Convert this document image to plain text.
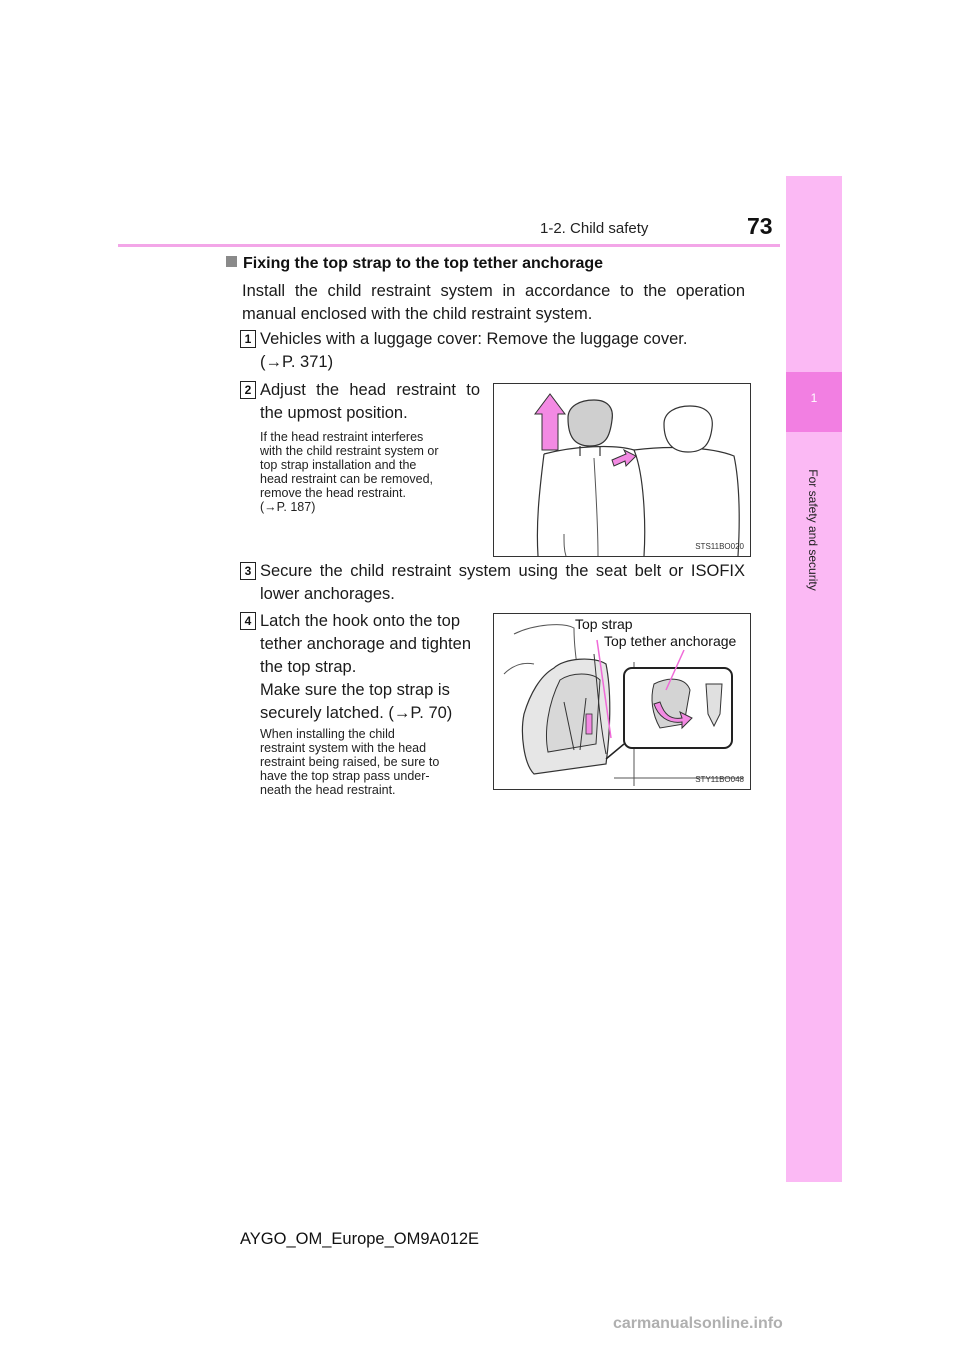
1-2. Child safety	73
1
For safety and security
Fixing the top strap to the top tether anchorage
Install the child restraint system in accordance to the operation manual enclosed with the child restraint system.
1 Vehicles with a luggage cover: Remove the luggage cover.
(→P. 371)
2 Adjust the head restraint to the upmost position.
If the head restraint interferes
with the child restraint system or
top strap installation and the
head restraint can be removed,
remove the head restraint.
(→P. 187)
STS11BO020
3 Secure the child restraint system using the seat belt or ISOFIX lower anchorages.
4 Latch the hook onto the top
tether anchorage and tighten
the top strap.
Make sure the top strap is
securely latched. (→P. 70)
When installing the child
restraint system with the head
restraint being raised, be sure to
have the top strap pass under-
neath the head restraint.
Top strap
Top tether anchorage
STY11BO048
AYGO_OM_Europe_OM9A012E
carmanualsonline.info
